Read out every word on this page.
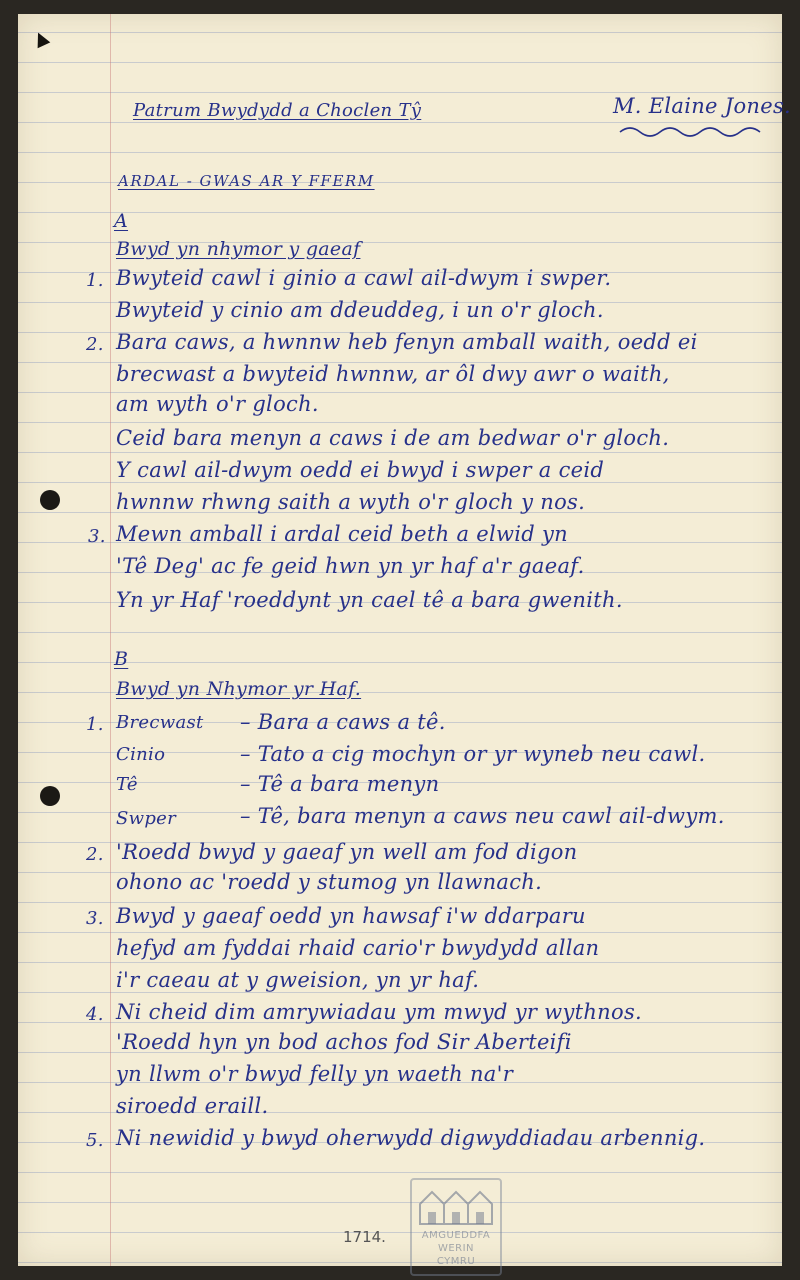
Patrum Bwydydd a Choclen Tŷ	M. Elaine Jones.
ARDAL - GWAS AR Y FFERM
A
Bwyd yn nhymor y gaeaf
1. Bwyteid cawl i ginio a cawl ail-dwym i swper.
Bwyteid y cinio am ddeuddeg, i un o'r gloch.
2. Bara caws, a hwnnw heb fenyn amball waith, oedd ei
brecwast a bwyteid hwnnw, ar ôl dwy awr o waith,
am wyth o'r gloch.
Ceid bara menyn a caws i de am bedwar o'r gloch.
Y cawl ail-dwym oedd ei bwyd i swper a ceid
hwnnw rhwng saith a wyth o'r gloch y nos.
3. Mewn amball i ardal ceid beth a elwid yn
'Tê Deg' ac fe geid hwn yn yr haf a'r gaeaf.
Yn yr Haf 'roeddynt yn cael tê a bara gwenith.
B
Bwyd yn Nhymor yr Haf.
1. Brecwast – Bara a caws a tê.
Cinio	– Tato a cig mochyn or yr wyneb neu cawl.
Tê	– Tê a bara menyn
Swper	– Tê, bara menyn a caws neu cawl ail-dwym.
2. 'Roedd bwyd y gaeaf yn well am fod digon
ohono ac 'roedd y stumog yn llawnach.
3. Bwyd y gaeaf oedd yn hawsaf i'w ddarparu
hefyd am fyddai rhaid cario'r bwydydd allan
i'r caeau at y gweision, yn yr haf.
4. Ni cheid dim amrywiadau ym mwyd yr wythnos.
'Roedd hyn yn bod achos fod Sir Aberteifi
yn llwm o'r bwyd felly yn waeth na'r
siroedd eraill.
5. Ni newidid y bwyd oherwydd digwyddiadau arbennig.
AMGUEDDFA
WERIN
CYMRU
1714.
